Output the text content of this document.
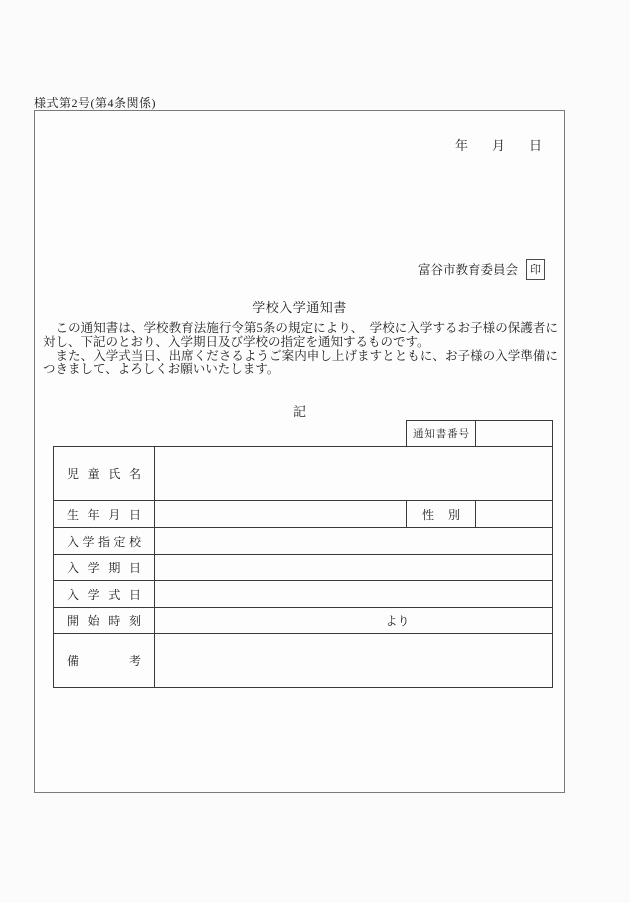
様式第2号(第4条関係)
年 月 日
富谷市教育委員会	印
学校入学通知書

　この通知書は、学校教育法施行令第5条の規定により、　学校に入学するお子様の保護者に対し、下記のとおり、入学期日及び学校の指定を通知するものです。

　また、入学式当日、出席くださるようご案内申し上げますとともに、お子様の入学準備につきまして、よろしくお願いいたします。

記
通知書番号	
児童氏名			
生年月日		性別	
入学指定校			
入学期日			
入学式日			
開始時刻	より		
備考			
